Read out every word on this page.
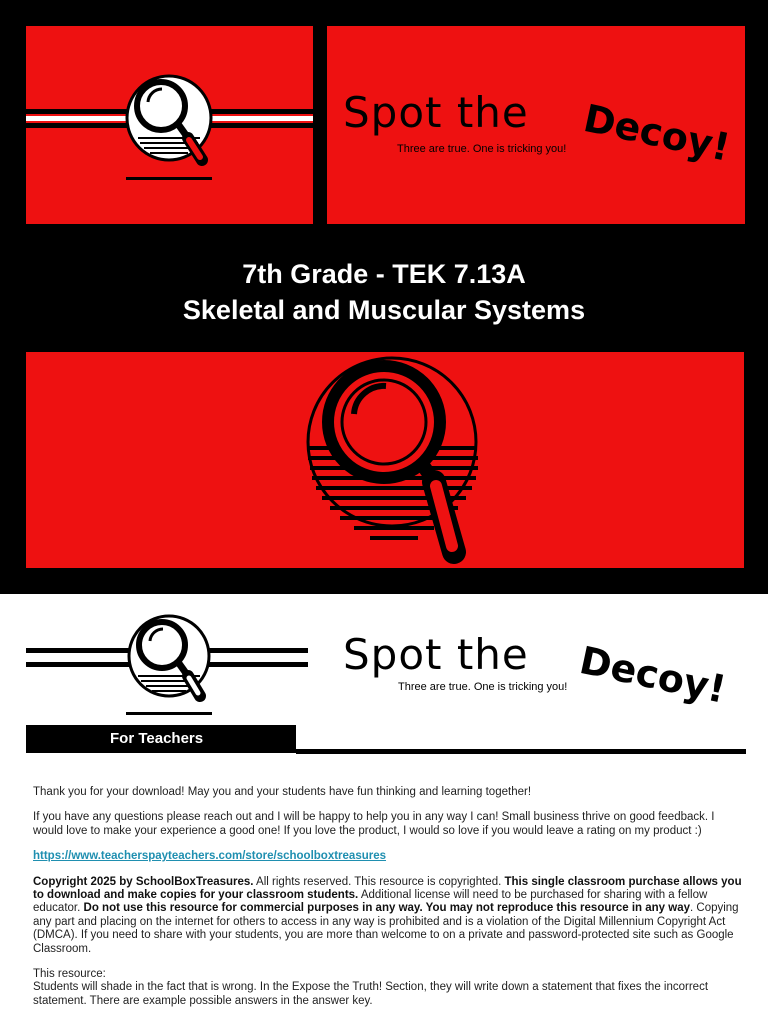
Spot the Decoy!
Three are true. One is tricking you!
7th Grade - TEK 7.13A
Skeletal and Muscular Systems
Spot the Decoy!
Three are true. One is tricking you!
For Teachers

Thank you for your download! May you and your students have fun thinking and learning together!

If you have any questions please reach out and I will be happy to help you in any way I can! Small business thrive on good feedback. I would love to make your experience a good one! If you love the product, I would so love if you would leave a rating on my product :)

https://www.teacherspayteachers.com/store/schoolboxtreasures

Copyright 2025 by SchoolBoxTreasures. All rights reserved. This resource is copyrighted. This single classroom purchase allows you to download and make copies for your classroom students. Additional license will need to be purchased for sharing with a fellow educator. Do not use this resource for commercial purposes in any way. You may not reproduce this resource in any way. Copying any part and placing on the internet for others to access in any way is prohibited and is a violation of the Digital Millennium Copyright Act (DMCA). If you need to share with your students, you are more than welcome to on a private and password-protected site such as Google Classroom.

This resource:

Students will shade in the fact that is wrong. In the Expose the Truth! Section, they will write down a statement that fixes the incorrect statement. There are example possible answers in the answer key.
